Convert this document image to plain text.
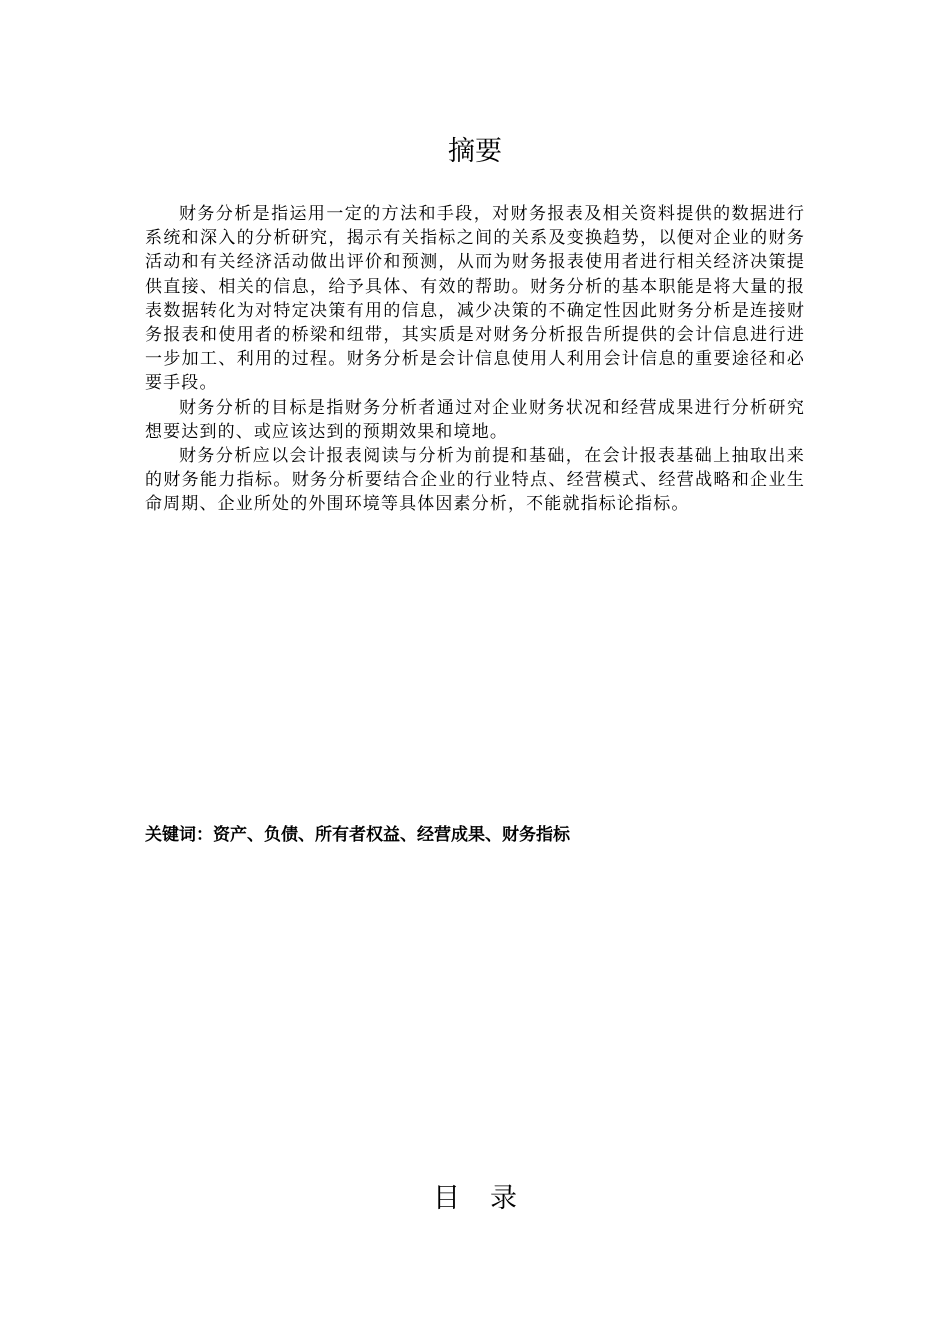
摘要

财务分析是指运用一定的方法和手段，对财务报表及相关资料提供的数据进行系统和深入的分析研究，揭示有关指标之间的关系及变换趋势，以便对企业的财务活动和有关经济活动做出评价和预测，从而为财务报表使用者进行相关经济决策提供直接、相关的信息，给予具体、有效的帮助。财务分析的基本职能是将大量的报表数据转化为对特定决策有用的信息，减少决策的不确定性因此财务分析是连接财务报表和使用者的桥梁和纽带，其实质是对财务分析报告所提供的会计信息进行进一步加工、利用的过程。财务分析是会计信息使用人利用会计信息的重要途径和必要手段。

财务分析的目标是指财务分析者通过对企业财务状况和经营成果进行分析研究想要达到的、或应该达到的预期效果和境地。

财务分析应以会计报表阅读与分析为前提和基础，在会计报表基础上抽取出来的财务能力指标。财务分析要结合企业的行业特点、经营模式、经营战略和企业生命周期、企业所处的外围环境等具体因素分析，不能就指标论指标。

关键词：资产、负债、所有者权益、经营成果、财务指标
目录
